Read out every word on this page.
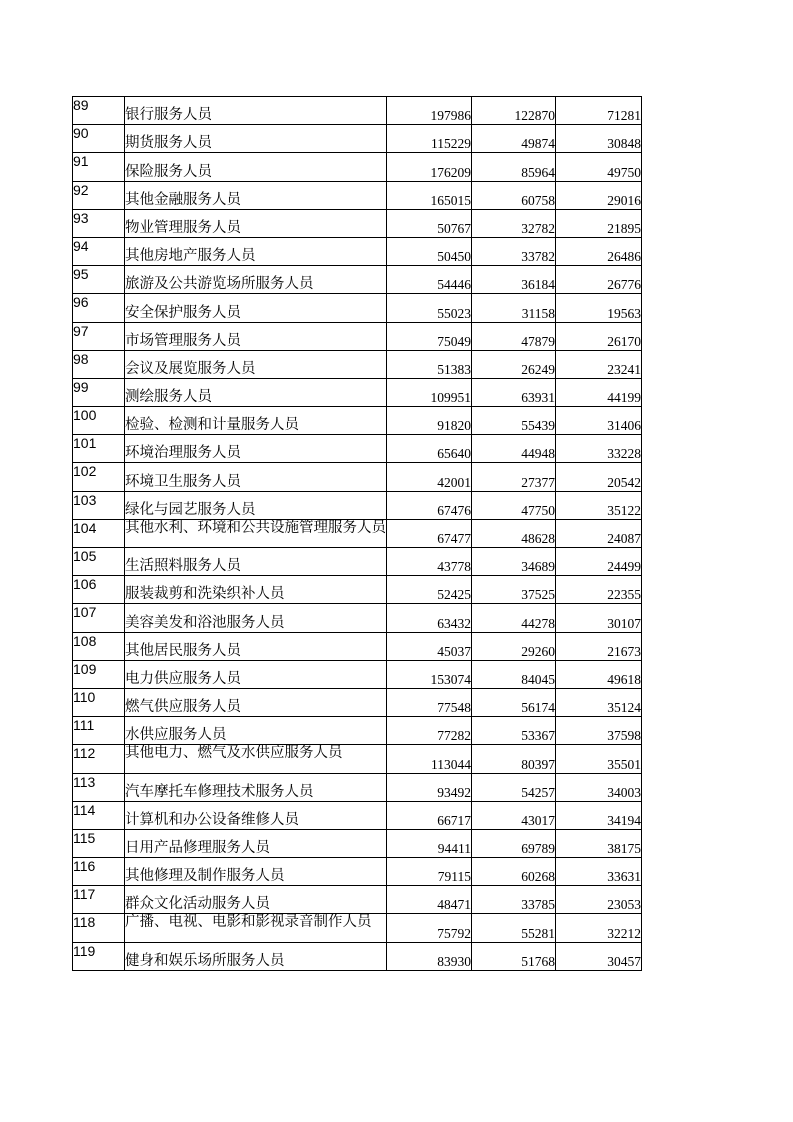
89	银行服务人员	197986	122870	71281
90	期货服务人员	115229	49874	30848
91	保险服务人员	176209	85964	49750
92	其他金融服务人员	165015	60758	29016
93	物业管理服务人员	50767	32782	21895
94	其他房地产服务人员	50450	33782	26486
95	旅游及公共游览场所服务人员	54446	36184	26776
96	安全保护服务人员	55023	31158	19563
97	市场管理服务人员	75049	47879	26170
98	会议及展览服务人员	51383	26249	23241
99	测绘服务人员	109951	63931	44199
100	检验、检测和计量服务人员	91820	55439	31406
101	环境治理服务人员	65640	44948	33228
102	环境卫生服务人员	42001	27377	20542
103	绿化与园艺服务人员	67476	47750	35122
104	其他水利、环境和公共设施管理服务人员	67477	48628	24087
105	生活照料服务人员	43778	34689	24499
106	服装裁剪和洗染织补人员	52425	37525	22355
107	美容美发和浴池服务人员	63432	44278	30107
108	其他居民服务人员	45037	29260	21673
109	电力供应服务人员	153074	84045	49618
110	燃气供应服务人员	77548	56174	35124
111	水供应服务人员	77282	53367	37598
112	其他电力、燃气及水供应服务人员	113044	80397	35501
113	汽车摩托车修理技术服务人员	93492	54257	34003
114	计算机和办公设备维修人员	66717	43017	34194
115	日用产品修理服务人员	94411	69789	38175
116	其他修理及制作服务人员	79115	60268	33631
117	群众文化活动服务人员	48471	33785	23053
118	广播、电视、电影和影视录音制作人员	75792	55281	32212
119	健身和娱乐场所服务人员	83930	51768	30457
